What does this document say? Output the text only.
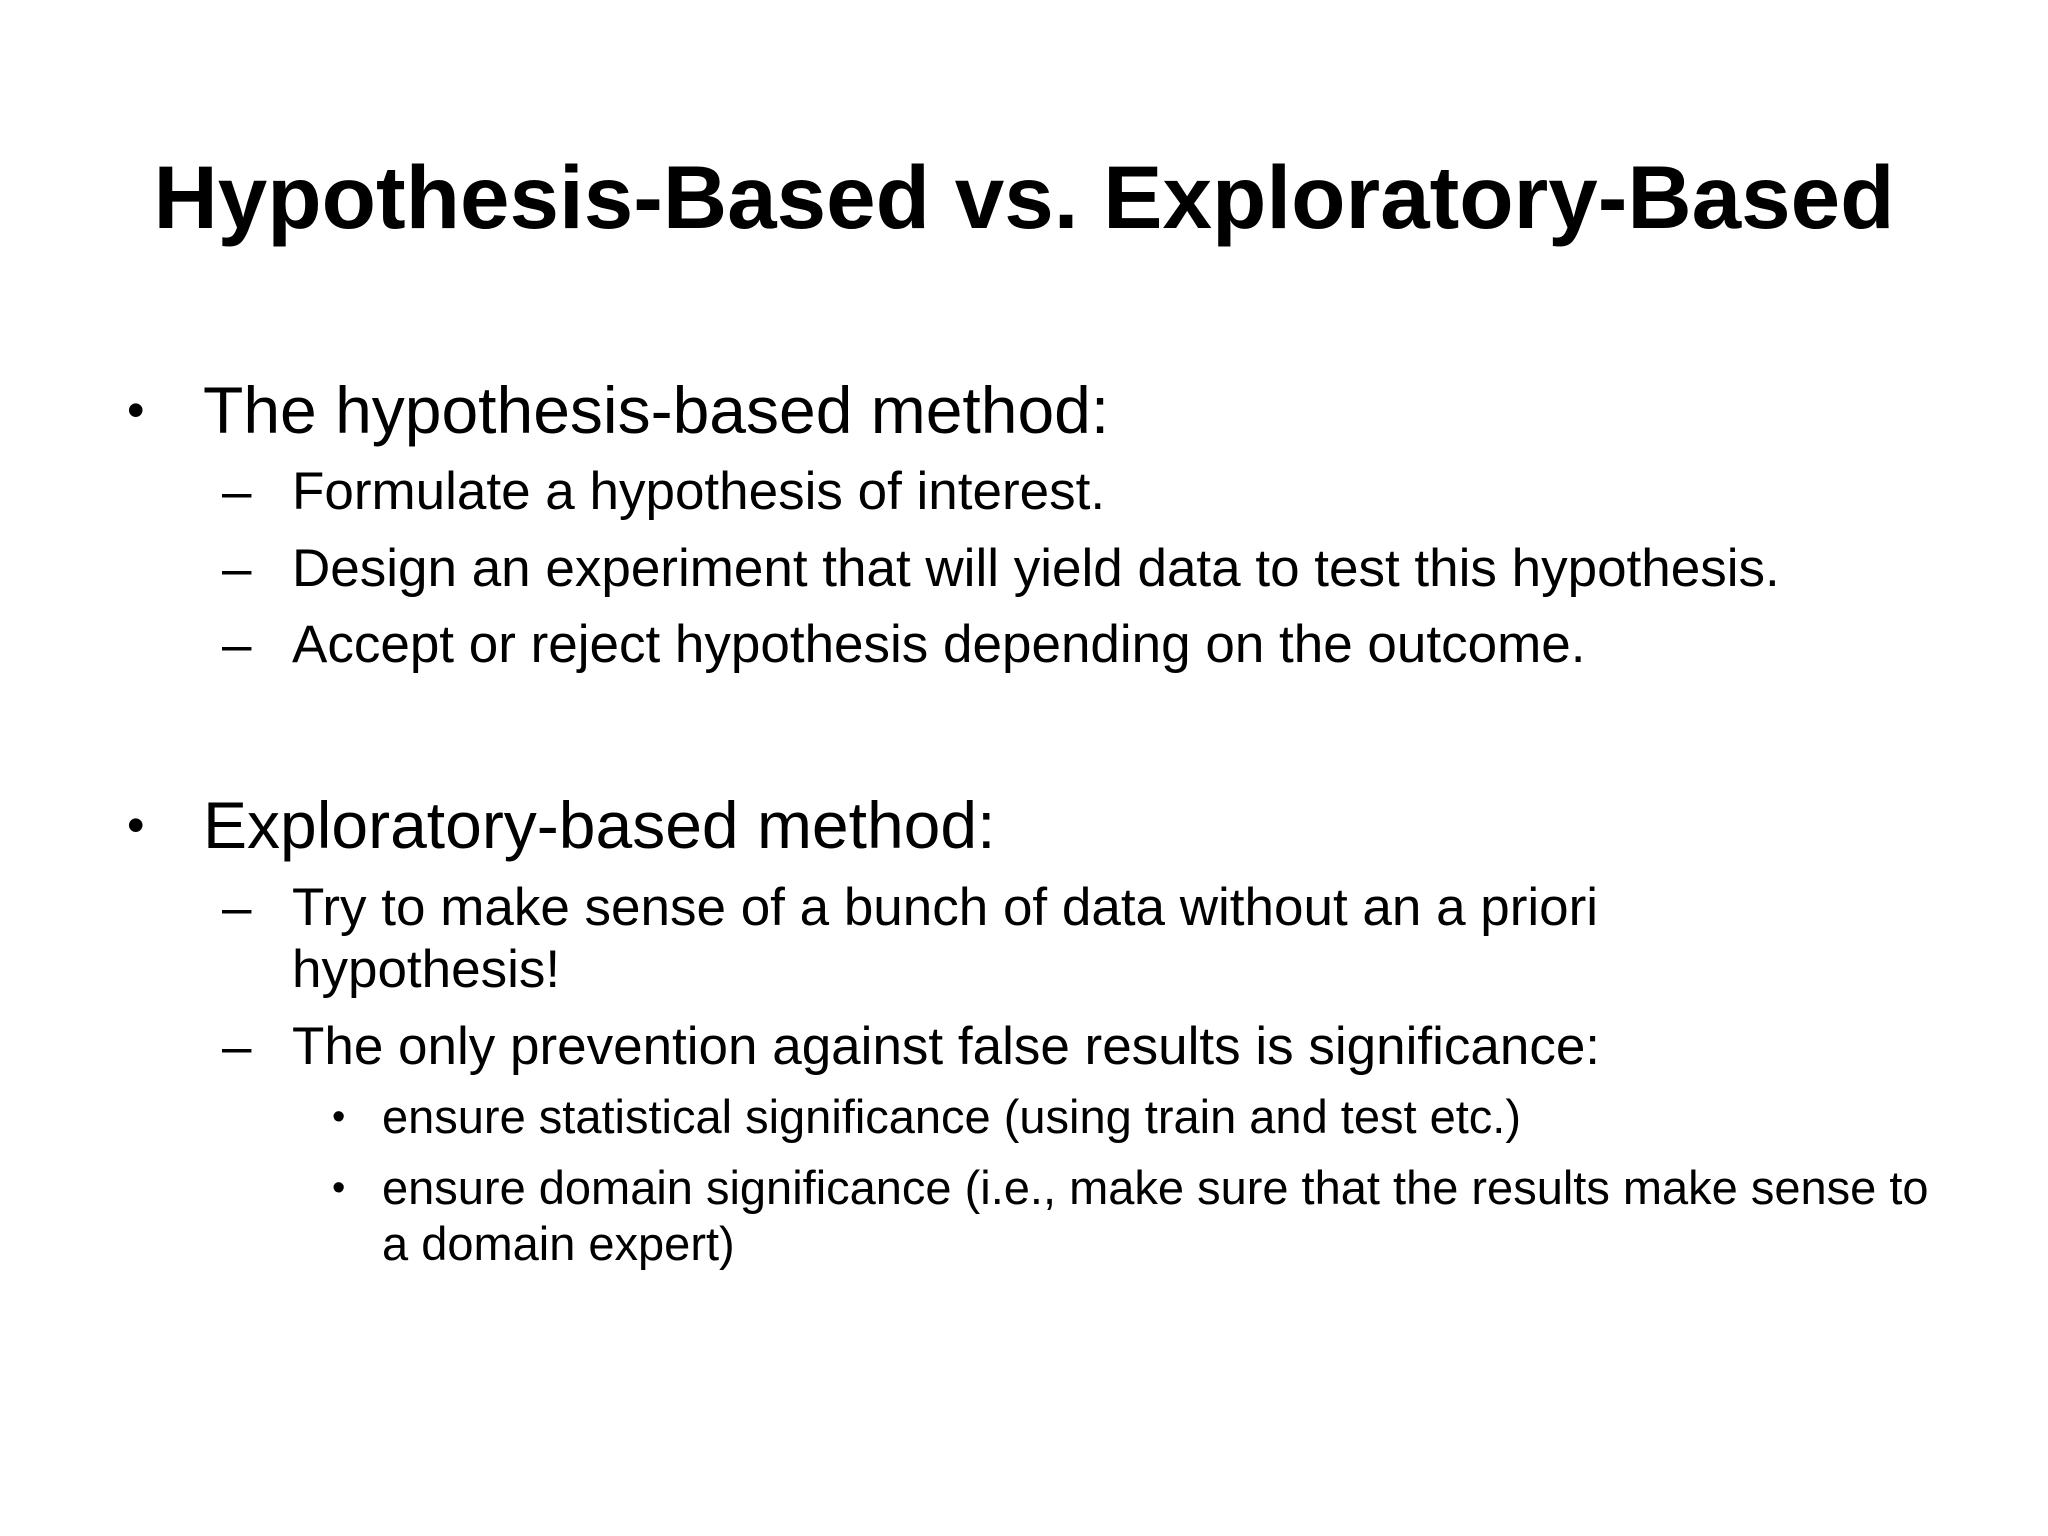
Hypothesis-Based vs. Exploratory-Based
• The hypothesis-based method:
– Formulate a hypothesis of interest.
– Design an experiment that will yield data to test this hypothesis.
– Accept or reject hypothesis depending on the outcome.
• Exploratory-based method:
– Try to make sense of a bunch of data without an a priori hypothesis!
– The only prevention against false results is significance:
• ensure statistical significance (using train and test etc.)
• ensure domain significance (i.e., make sure that the results make sense to a domain expert)
